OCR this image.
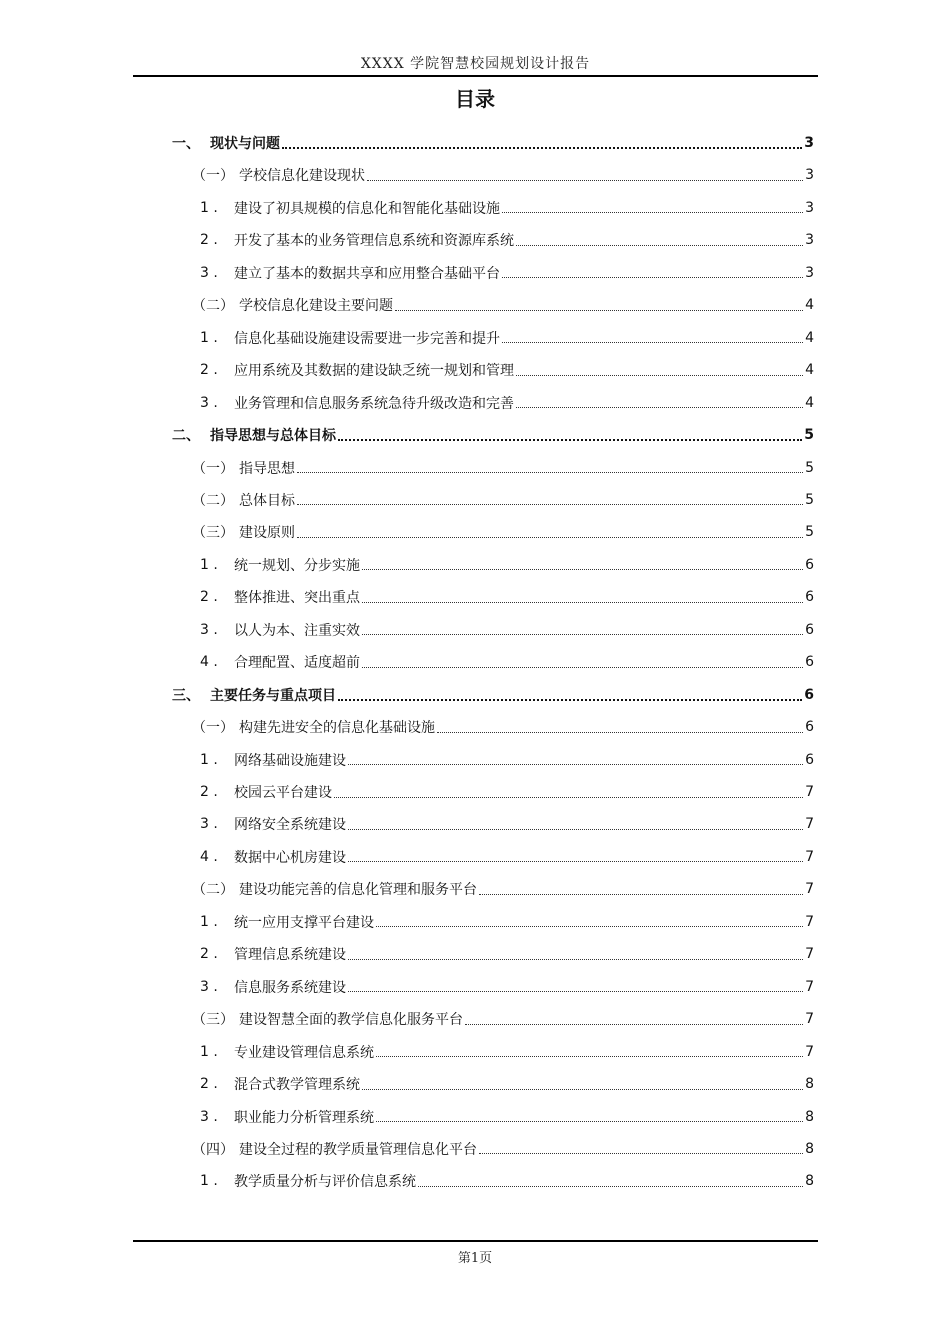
XXXX 学院智慧校园规划设计报告
目录
一、 现状与问题	3
（一） 学校信息化建设现状	3
1 .	建设了初具规模的信息化和智能化基础设施	3
2 .	开发了基本的业务管理信息系统和资源库系统	3
3 .	建立了基本的数据共享和应用整合基础平台	3
（二） 学校信息化建设主要问题	4
1 .	信息化基础设施建设需要进一步完善和提升	4
2 .	应用系统及其数据的建设缺乏统一规划和管理	4
3 .	业务管理和信息服务系统急待升级改造和完善	4
二、 指导思想与总体目标	5
（一） 指导思想	5
（二） 总体目标	5
（三） 建设原则	5
1 .	统一规划、分步实施	6
2 .	整体推进、突出重点	6
3 .	以人为本、注重实效	6
4 .	合理配置、适度超前	6
三、 主要任务与重点项目	6
（一） 构建先进安全的信息化基础设施	6
1 .	网络基础设施建设	6
2 .	校园云平台建设	7
3 .	网络安全系统建设	7
4 .	数据中心机房建设	7
（二） 建设功能完善的信息化管理和服务平台	7
1 .	统一应用支撑平台建设	7
2 .	管理信息系统建设	7
3 .	信息服务系统建设	7
（三） 建设智慧全面的教学信息化服务平台	7
1 .	专业建设管理信息系统	7
2 .	混合式教学管理系统	8
3 .	职业能力分析管理系统	8
（四） 建设全过程的教学质量管理信息化平台	8
1 .	教学质量分析与评价信息系统	8
第1页
